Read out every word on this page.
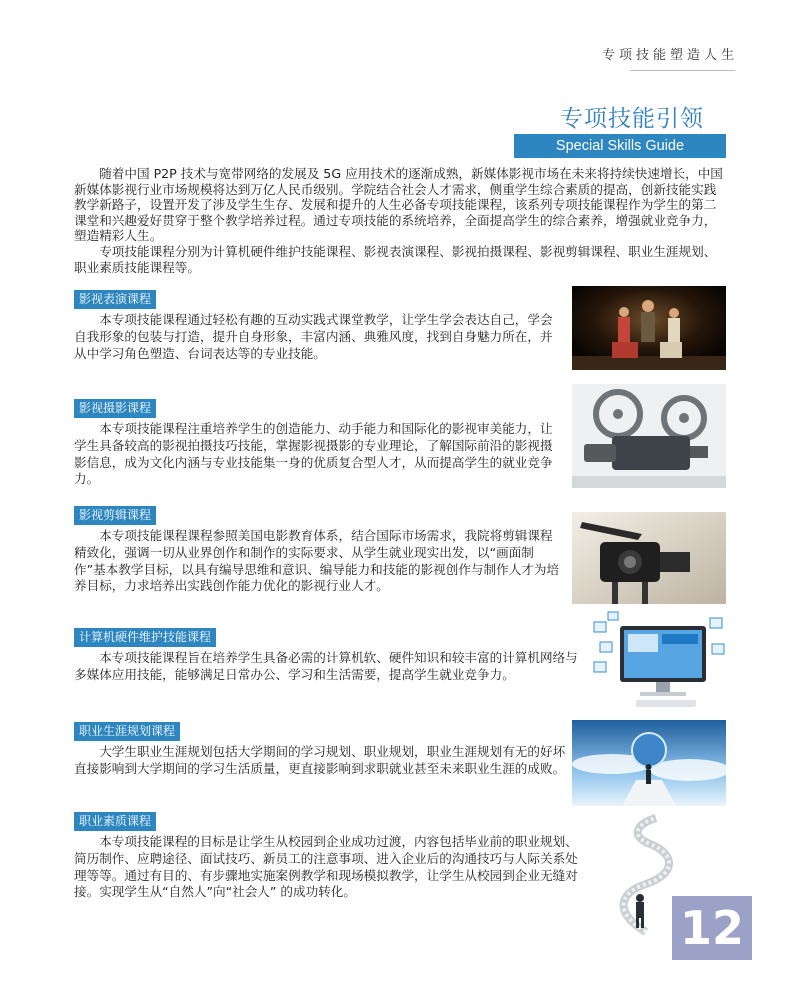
专项技能塑造人生
专项技能引领
Special Skills Guide

随着中国 P2P 技术与宽带网络的发展及 5G 应用技术的逐渐成熟，新媒体影视市场在未来将持续快速增长，中国新媒体影视行业市场规模将达到万亿人民币级别。学院结合社会人才需求，侧重学生综合素质的提高，创新技能实践教学新路子，设置开发了涉及学生生存、发展和提升的人生必备专项技能课程，该系列专项技能课程作为学生的第二课堂和兴趣爱好贯穿于整个教学培养过程。通过专项技能的系统培养，全面提高学生的综合素养，增强就业竞争力，塑造精彩人生。

专项技能课程分别为计算机硬件维护技能课程、影视表演课程、影视拍摄课程、影视剪辑课程、职业生涯规划、职业素质技能课程等。

影视表演课程

本专项技能课程通过轻松有趣的互动实践式课堂教学，让学生学会表达自己，学会自我形象的包装与打造，提升自身形象，丰富内涵、典雅风度，找到自身魅力所在，并从中学习角色塑造、台词表达等的专业技能。

影视摄影课程

本专项技能课程注重培养学生的创造能力、动手能力和国际化的影视审美能力，让学生具备较高的影视拍摄技巧技能，掌握影视摄影的专业理论，了解国际前沿的影视摄影信息，成为文化内涵与专业技能集一身的优质复合型人才，从而提高学生的就业竞争力。

影视剪辑课程

本专项技能课程课程参照美国电影教育体系，结合国际市场需求，我院将剪辑课程精致化，强调一切从业界创作和制作的实际要求、从学生就业现实出发，以“画面制作”基本教学目标，以具有编导思维和意识、编导能力和技能的影视创作与制作人才为培养目标，力求培养出实践创作能力优化的影视行业人才。

计算机硬件维护技能课程

本专项技能课程旨在培养学生具备必需的计算机软、硬件知识和较丰富的计算机网络与多媒体应用技能，能够满足日常办公、学习和生活需要，提高学生就业竞争力。

职业生涯规划课程

大学生职业生涯规划包括大学期间的学习规划、职业规划，职业生涯规划有无的好坏直接影响到大学期间的学习生活质量，更直接影响到求职就业甚至未来职业生涯的成败。

职业素质课程

本专项技能课程的目标是让学生从校园到企业成功过渡，内容包括毕业前的职业规划、简历制作、应聘途径、面试技巧、新员工的注意事项、进入企业后的沟通技巧与人际关系处理等等。通过有目的、有步骤地实施案例教学和现场模拟教学，让学生从校园到企业无缝对接。实现学生从“自然人”向“社会人” 的成功转化。

12
